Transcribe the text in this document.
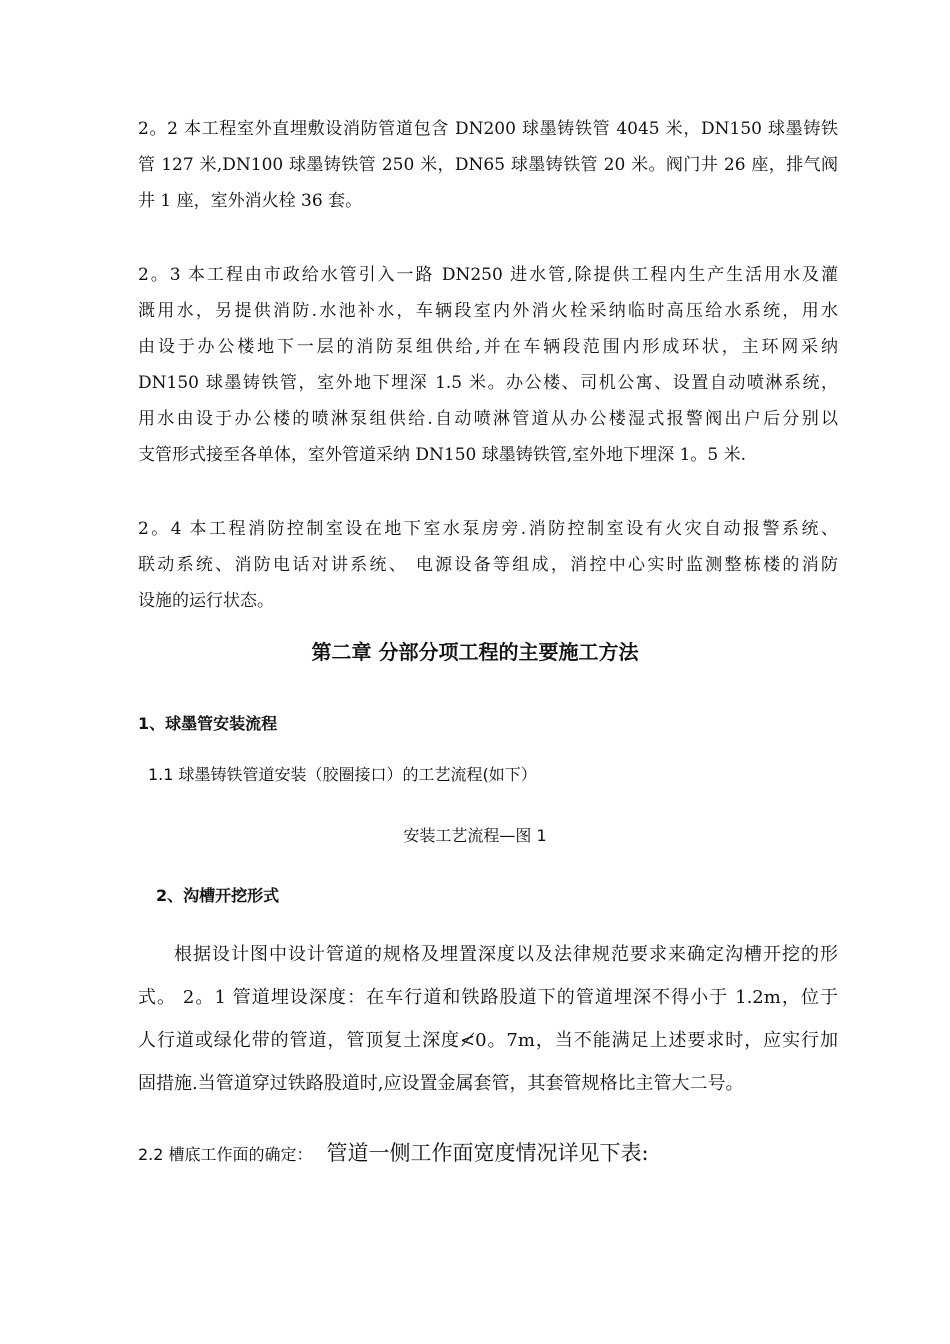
2。2 本工程室外直埋敷设消防管道包含 DN200 球墨铸铁管 4045 米，DN150 球墨铸铁
管 127 米,DN100 球墨铸铁管 250 米，DN65 球墨铸铁管 20 米。阀门井 26 座，排气阀
井 1 座，室外消火栓 36 套。
2。3 本工程由市政给水管引入一路 DN250 进水管,除提供工程内生产生活用水及灌
溉用水，另提供消防.水池补水，车辆段室内外消火栓采纳临时高压给水系统，用水
由设于办公楼地下一层的消防泵组供给,并在车辆段范围内形成环状，主环网采纳
DN150 球墨铸铁管，室外地下埋深 1.5 米。办公楼、司机公寓、设置自动喷淋系统，
用水由设于办公楼的喷淋泵组供给.自动喷淋管道从办公楼湿式报警阀出户后分别以
支管形式接至各单体，室外管道采纳 DN150 球墨铸铁管,室外地下埋深 1。5 米.
2。4 本工程消防控制室设在地下室水泵房旁.消防控制室设有火灾自动报警系统、
联动系统、消防电话对讲系统、 电源设备等组成，消控中心实时监测整栋楼的消防
设施的运行状态。
第二章 分部分项工程的主要施工方法
1、球墨管安装流程

1.1 球墨铸铁管道安装（胶圈接口）的工艺流程(如下）

安装工艺流程—图 1

2、沟槽开挖形式
根据设计图中设计管道的规格及埋置深度以及法律规范要求来确定沟槽开挖的形
式。 2。1 管道埋设深度：在车行道和铁路股道下的管道埋深不得小于 1.2m，位于
人行道或绿化带的管道，管顶复土深度≮0。7m，当不能满足上述要求时，应实行加
固措施.当管道穿过铁路股道时,应设置金属套管，其套管规格比主管大二号。

2.2 槽底工作面的确定： 管道一侧工作面宽度情况详见下表:
